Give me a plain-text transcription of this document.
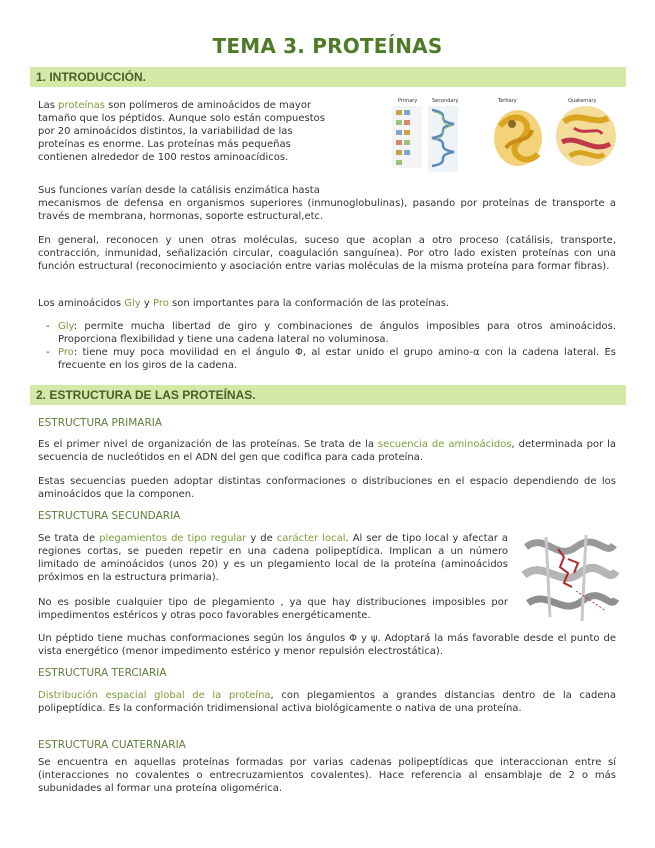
TEMA 3. PROTEÍNAS
1. INTRODUCCIÓN.
Las proteínas son polímeros de aminoácidos de mayor
tamaño que los péptidos. Aunque solo están compuestos
por 20 aminoácidos distintos, la variabilidad de las
proteínas es enorme. Las proteínas más pequeñas
contienen alrededor de 100 restos aminoacídicos.
Primary	Secondary	Tertiary	Quaternary
Sus funciones varían desde la catálisis enzimática hasta
mecanismos de defensa en organismos superiores (inmunoglobulinas), pasando por proteínas de transporte a través de membrana, hormonas, soporte estructural,etc.
En general, reconocen y unen otras moléculas, suceso que acoplan a otro proceso (catálisis, transporte, contracción, inmunidad, señalización circular, coagulación sanguínea). Por otro lado existen proteínas con una función estructural (reconocimiento y asociación entre varias moléculas de la misma proteína para formar fibras).
Los aminoácidos Gly y Pro son importantes para la conformación de las proteínas.
- Gly: permite mucha libertad de giro y combinaciones de ángulos imposibles para otros aminoácidos. Proporciona flexibilidad y tiene una cadena lateral no voluminosa.
- Pro: tiene muy poca movilidad en el ángulo Φ, al estar unido el grupo amino-α con la cadena lateral. Es frecuente en los giros de la cadena.
2. ESTRUCTURA DE LAS PROTEÍNAS.
ESTRUCTURA PRIMARIA
Es el primer nivel de organización de las proteínas. Se trata de la secuencia de aminoácidos, determinada por la secuencia de nucleótidos en el ADN del gen que codifica para cada proteína.
Estas secuencias pueden adoptar distintas conformaciones o distribuciones en el espacio dependiendo de los aminoácidos que la componen.
ESTRUCTURA SECUNDARIA
Se trata de plegamientos de tipo regular y de carácter local. Al ser de tipo local y afectar a regiones cortas, se pueden repetir en una cadena polipeptídica. Implican a un número limitado de aminoácidos (unos 20) y es un plegamiento local de la proteína (aminoácidos próximos en la estructura primaria).
No es posible cualquier tipo de plegamiento , ya que hay distribuciones imposibles por impedimentos estéricos y otras poco favorables energéticamente.
Un péptido tiene muchas conformaciones según los ángulos Φ y ψ. Adoptará la más favorable desde el punto de vista energético (menor impedimento estérico y menor repulsión electrostática).
ESTRUCTURA TERCIARIA
Distribución espacial global de la proteína, con plegamientos a grandes distancias dentro de la cadena polipeptídica. Es la conformación tridimensional activa biológicamente o nativa de una proteína.
ESTRUCTURA CUATERNARIA
Se encuentra en aquellas proteínas formadas por varias cadenas polipeptídicas que interaccionan entre sí (interacciones no covalentes o entrecruzamientos covalentes). Hace referencia al ensamblaje de 2 o más subunidades al formar una proteína oligomérica.
